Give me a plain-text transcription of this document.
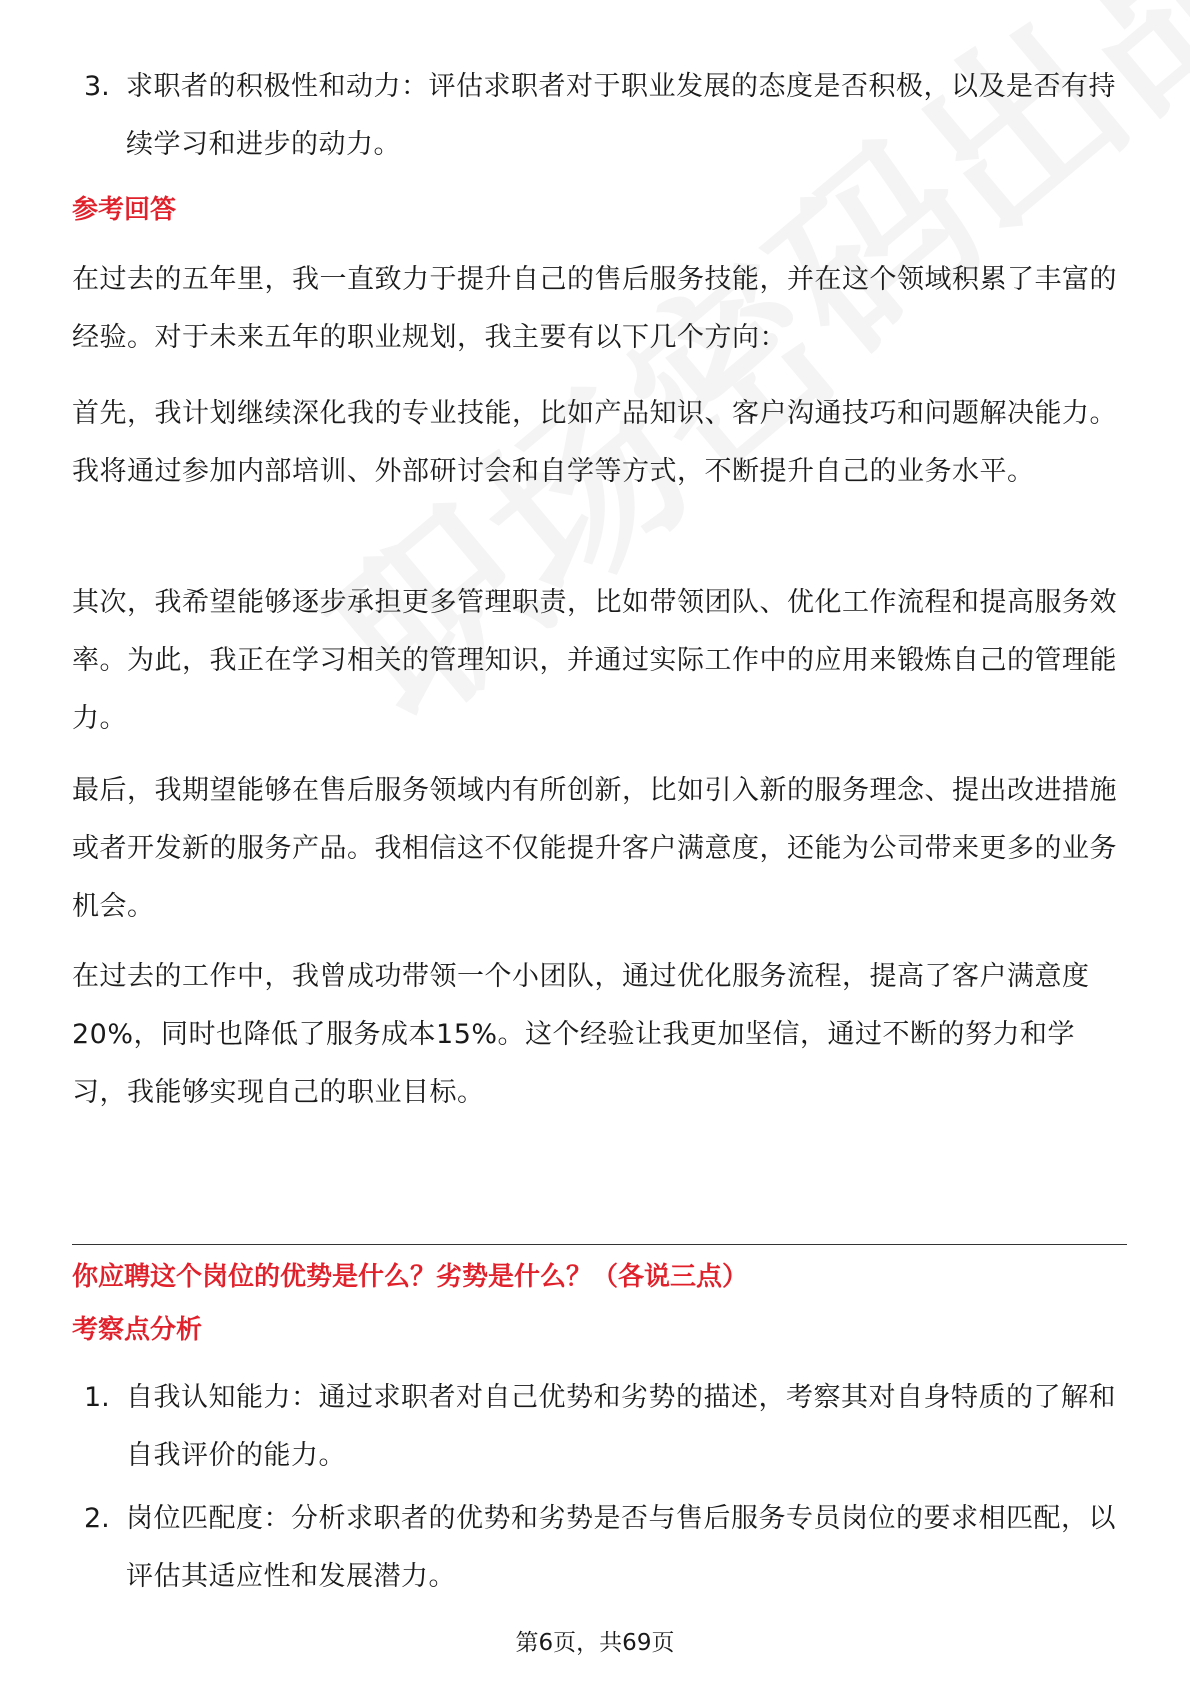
3. 求职者的积极性和动力：评估求职者对于职业发展的态度是否积极，以及是否有持续学习和进步的动力。
参考回答
在过去的五年里，我一直致力于提升自己的售后服务技能，并在这个领域积累了丰富的经验。对于未来五年的职业规划，我主要有以下几个方向：
首先，我计划继续深化我的专业技能，比如产品知识、客户沟通技巧和问题解决能力。我将通过参加内部培训、外部研讨会和自学等方式，不断提升自己的业务水平。
其次，我希望能够逐步承担更多管理职责，比如带领团队、优化工作流程和提高服务效率。为此，我正在学习相关的管理知识，并通过实际工作中的应用来锻炼自己的管理能力。
最后，我期望能够在售后服务领域内有所创新，比如引入新的服务理念、提出改进措施或者开发新的服务产品。我相信这不仅能提升客户满意度，还能为公司带来更多的业务机会。
在过去的工作中，我曾成功带领一个小团队，通过优化服务流程，提高了客户满意度20%，同时也降低了服务成本15%。这个经验让我更加坚信，通过不断的努力和学习，我能够实现自己的职业目标。
你应聘这个岗位的优势是什么？劣势是什么？（各说三点）
考察点分析
1. 自我认知能力：通过求职者对自己优势和劣势的描述，考察其对自身特质的了解和自我评价的能力。
2. 岗位匹配度：分析求职者的优势和劣势是否与售后服务专员岗位的要求相匹配，以评估其适应性和发展潜力。
第6页，共69页
